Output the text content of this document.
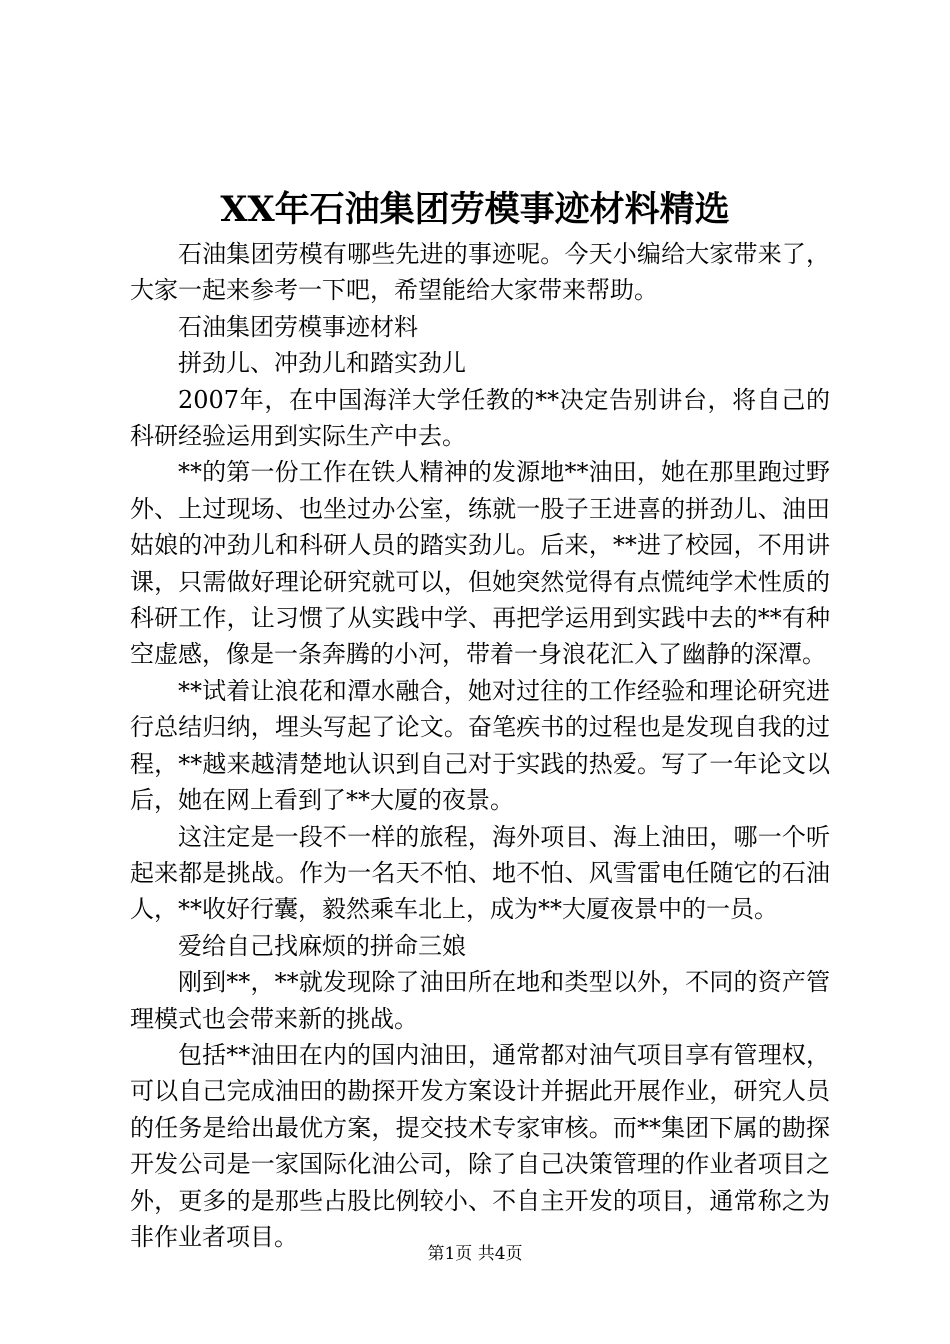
XX年石油集团劳模事迹材料精选

石油集团劳模有哪些先进的事迹呢。今天小编给大家带来了，大家一起来参考一下吧，希望能给大家带来帮助。

石油集团劳模事迹材料

拼劲儿、冲劲儿和踏实劲儿

2007年，在中国海洋大学任教的**决定告别讲台，将自己的科研经验运用到实际生产中去。

**的第一份工作在铁人精神的发源地**油田，她在那里跑过野外、上过现场、也坐过办公室，练就一股子王进喜的拼劲儿、油田姑娘的冲劲儿和科研人员的踏实劲儿。后来，**进了校园，不用讲课，只需做好理论研究就可以，但她突然觉得有点慌纯学术性质的科研工作，让习惯了从实践中学、再把学运用到实践中去的**有种空虚感，像是一条奔腾的小河，带着一身浪花汇入了幽静的深潭。

**试着让浪花和潭水融合，她对过往的工作经验和理论研究进行总结归纳，埋头写起了论文。奋笔疾书的过程也是发现自我的过程，**越来越清楚地认识到自己对于实践的热爱。写了一年论文以后，她在网上看到了**大厦的夜景。

这注定是一段不一样的旅程，海外项目、海上油田，哪一个听起来都是挑战。作为一名天不怕、地不怕、风雪雷电任随它的石油人，**收好行囊，毅然乘车北上，成为**大厦夜景中的一员。

爱给自己找麻烦的拼命三娘

刚到**，**就发现除了油田所在地和类型以外，不同的资产管理模式也会带来新的挑战。

包括**油田在内的国内油田，通常都对油气项目享有管理权，可以自己完成油田的勘探开发方案设计并据此开展作业，研究人员的任务是给出最优方案，提交技术专家审核。而**集团下属的勘探开发公司是一家国际化油公司，除了自己决策管理的作业者项目之外，更多的是那些占股比例较小、不自主开发的项目，通常称之为非作业者项目。

第1页 共4页
